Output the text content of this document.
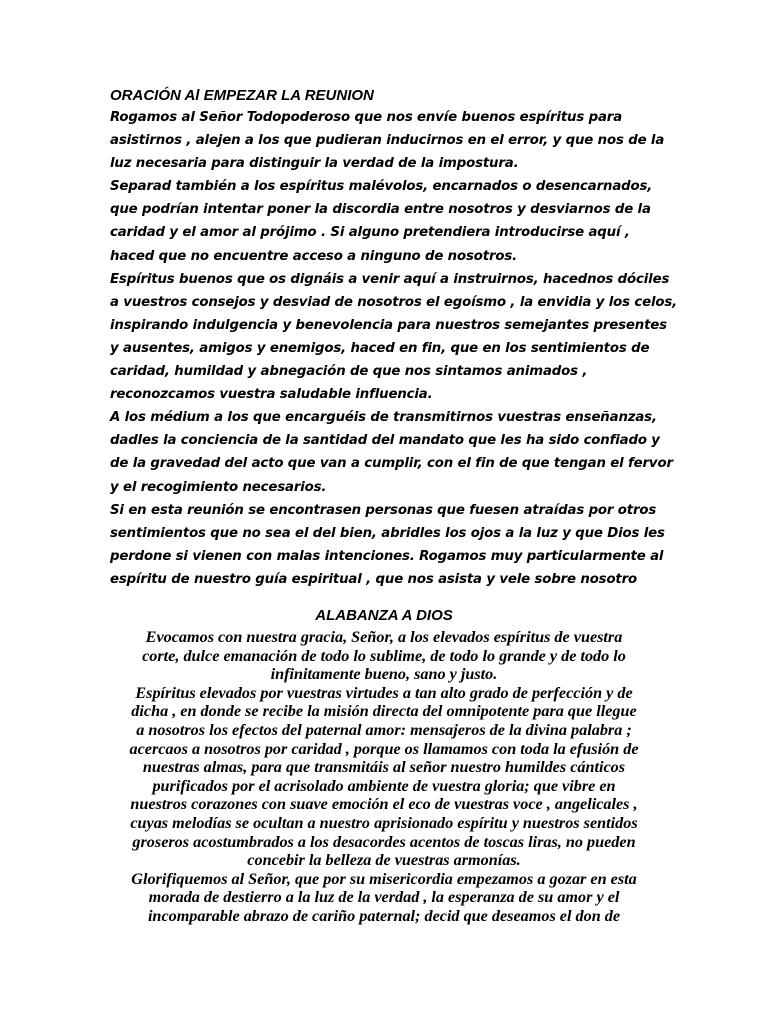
ORACIÓN Al EMPEZAR LA REUNION

Rogamos al Señor Todopoderoso que nos envíe buenos espíritus para

asistirnos , alejen a los que pudieran inducirnos en el error, y que nos de la

luz necesaria para distinguir la verdad de la impostura.

Separad también a los espíritus malévolos, encarnados o desencarnados,

que podrían intentar poner la discordia entre nosotros y desviarnos de la

caridad y el amor al prójimo . Si alguno pretendiera introducirse aquí ,

haced que no encuentre acceso a ninguno de nosotros.

Espíritus buenos que os dignáis a venir aquí a instruirnos, hacednos dóciles

a vuestros consejos y desviad de nosotros el egoísmo , la envidia y los celos,

inspirando indulgencia y benevolencia para nuestros semejantes presentes

y ausentes, amigos y enemigos, haced en fin, que en los sentimientos de

caridad, humildad y abnegación de que nos sintamos animados ,

reconozcamos vuestra saludable influencia.

A los médium a los que encarguéis de transmitirnos vuestras enseñanzas,

dadles la conciencia de la santidad del mandato que les ha sido confiado y

de la gravedad del acto que van a cumplir, con el fin de que tengan el fervor

y el recogimiento necesarios.

Si en esta reunión se encontrasen personas que fuesen atraídas por otros

sentimientos que no sea el del bien, abridles los ojos a la luz y que Dios les

perdone si vienen con malas intenciones. Rogamos muy particularmente al

espíritu de nuestro guía espiritual , que nos asista y vele sobre nosotro

ALABANZA A DIOS

Evocamos con nuestra gracia, Señor, a los elevados espíritus de vuestra

corte, dulce emanación de todo lo sublime, de todo lo grande y de todo lo

infinitamente bueno, sano y justo.

Espíritus elevados por vuestras virtudes a tan alto grado de perfección y de

dicha , en donde se recibe la misión directa del omnipotente para que llegue

a nosotros los efectos del paternal amor: mensajeros de la divina palabra ;

acercaos a nosotros por caridad , porque os llamamos con toda la efusión de

nuestras almas, para que transmitáis al señor nuestro humildes cánticos

purificados por el acrisolado ambiente de vuestra gloria; que vibre en

nuestros corazones con suave emoción el eco de vuestras voce , angelicales ,

cuyas melodías se ocultan a nuestro aprisionado espíritu y nuestros sentidos

groseros acostumbrados a los desacordes acentos de toscas liras, no pueden

concebir la belleza de vuestras armonías.

Glorifiquemos al Señor, que por su misericordia empezamos a gozar en esta

morada de destierro a la luz de la verdad , la esperanza de su amor y el

incomparable abrazo de cariño paternal; decid que deseamos el don de
